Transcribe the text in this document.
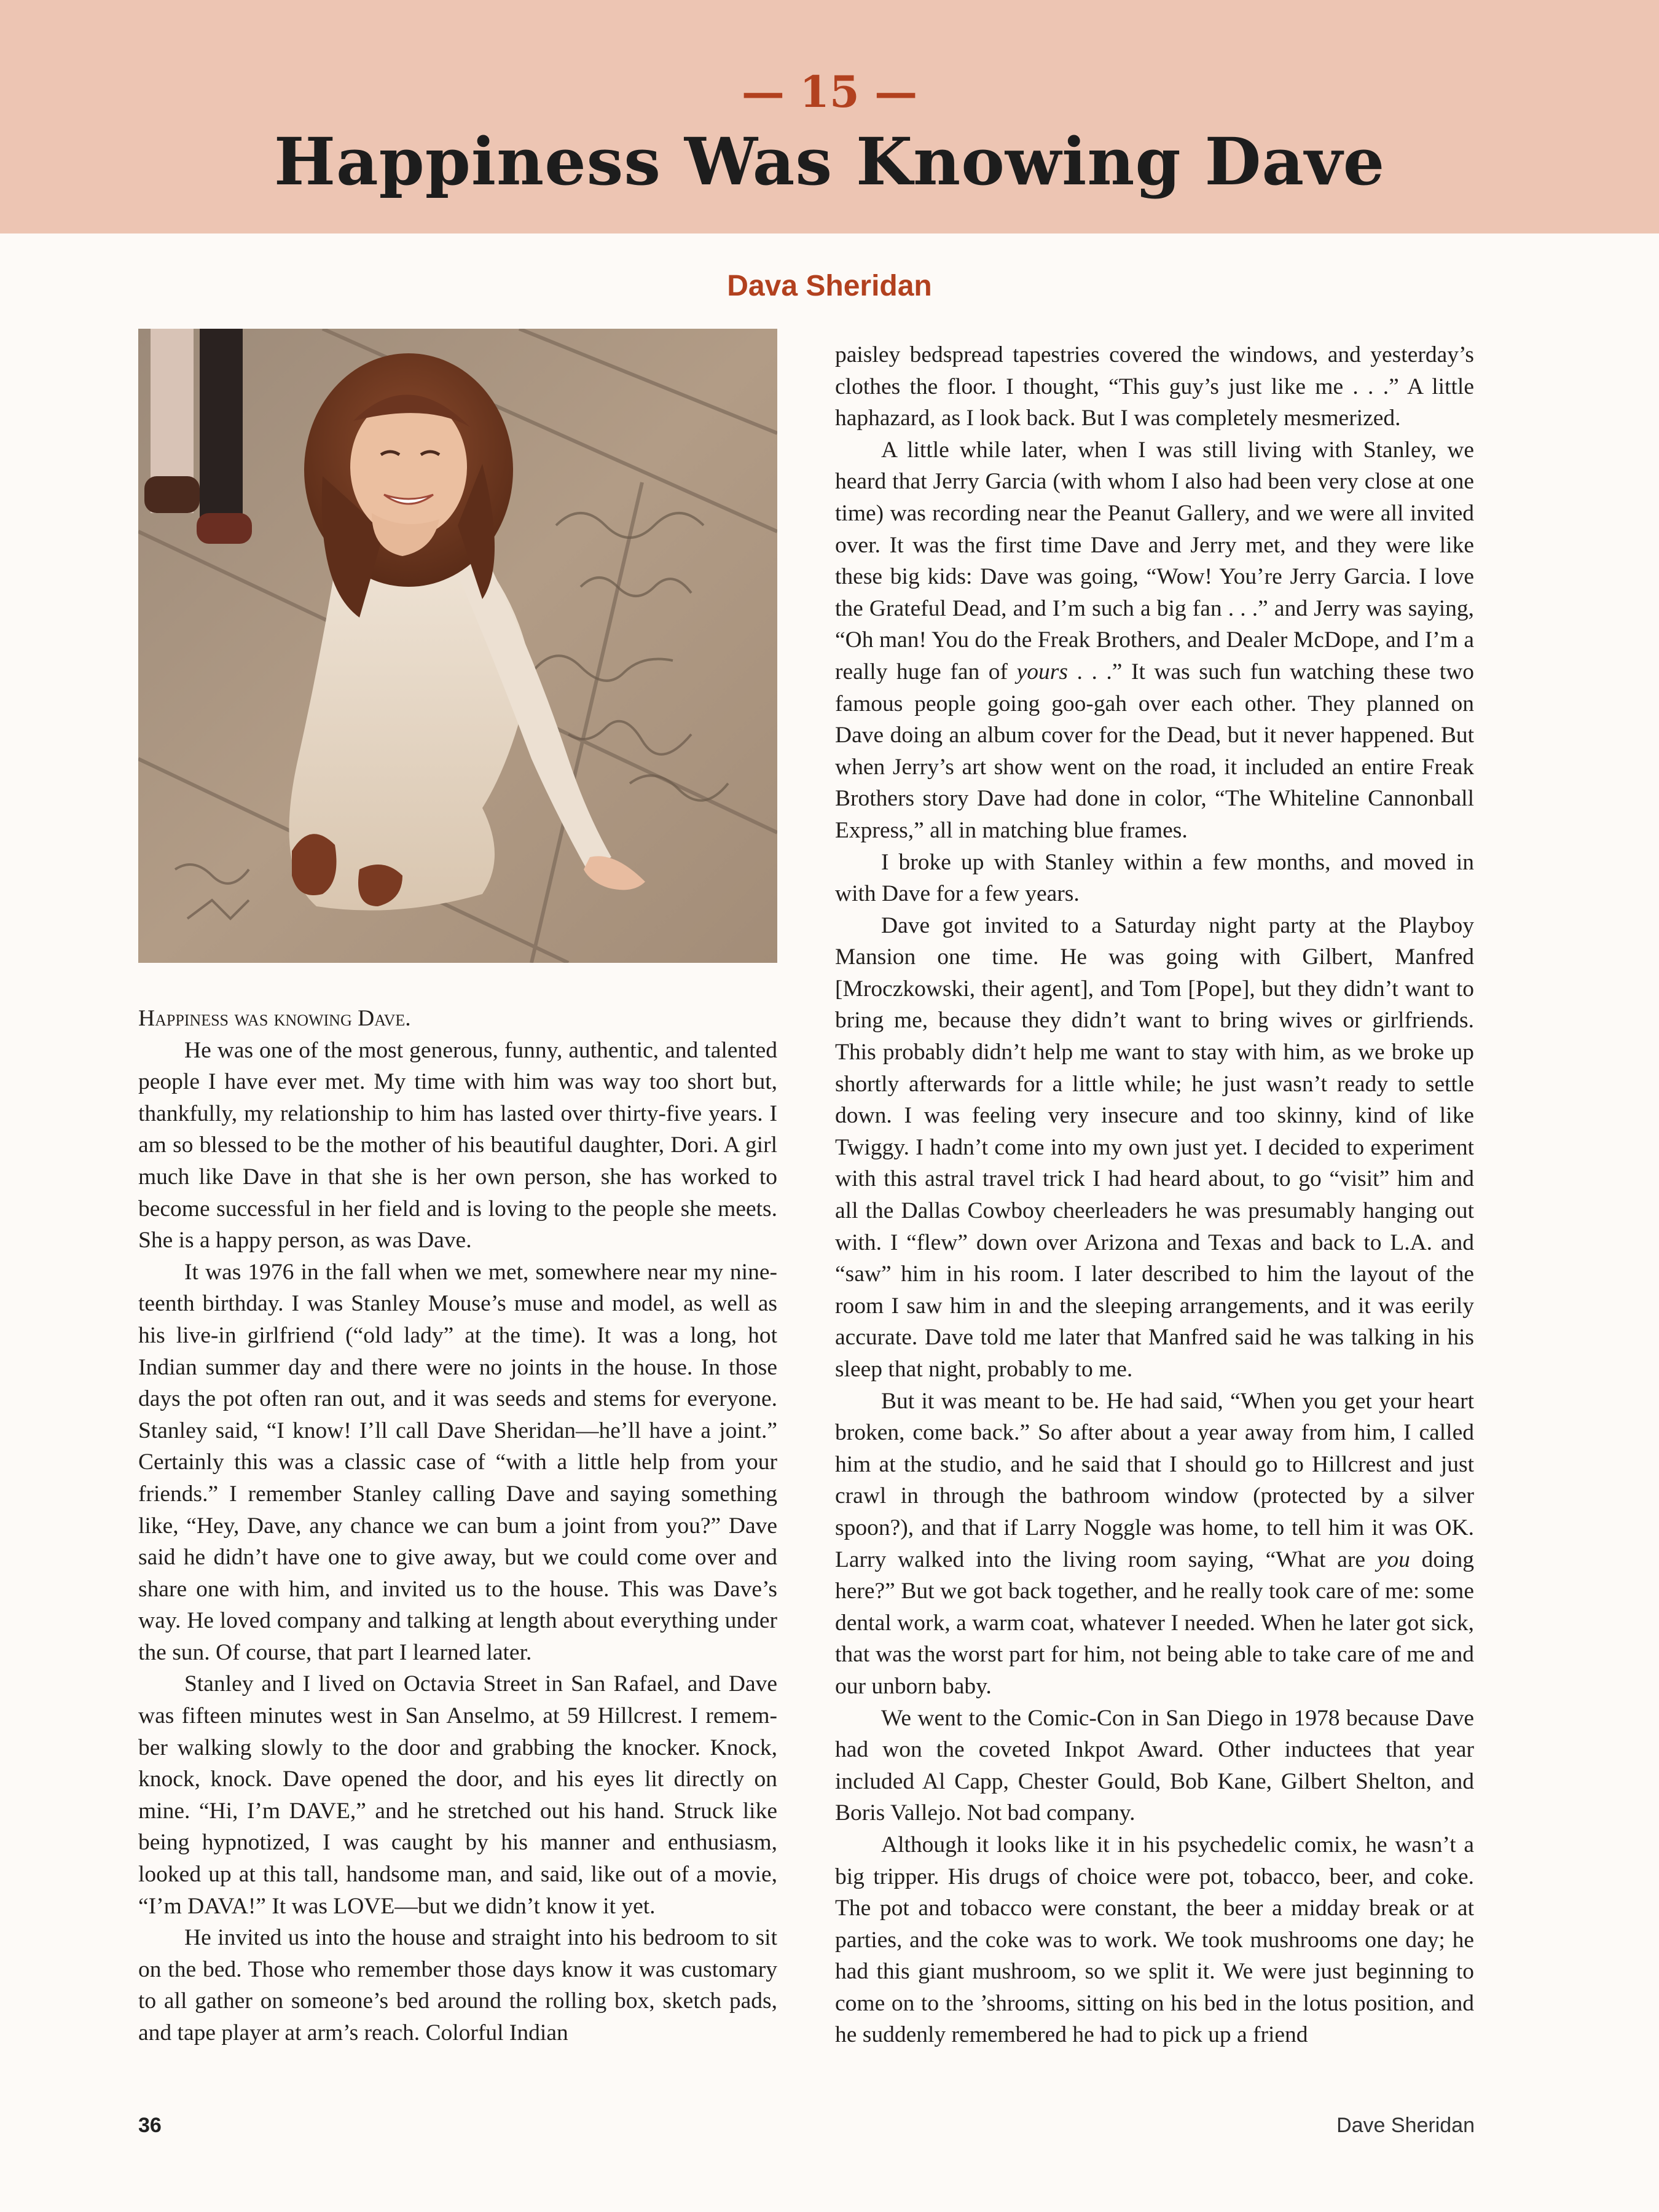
— 15 —
Happiness Was Knowing Dave
Dava Sheridan

Happiness was knowing Dave.

He was one of the most generous, funny, authentic, and talented people I have ever met. My time with him was way too short but, thankfully, my relationship to him has lasted over thirty-five years. I am so blessed to be the mother of his beautiful daughter, Dori. A girl much like Dave in that she is her own person, she has worked to become successful in her field and is loving to the people she meets. She is a happy person, as was Dave.

It was 1976 in the fall when we met, somewhere near my nineteenth birthday. I was Stanley Mouse’s muse and model, as well as his live-in girlfriend (“old lady” at the time). It was a long, hot Indian summer day and there were no joints in the house. In those days the pot often ran out, and it was seeds and stems for everyone. Stanley said, “I know! I’ll call Dave Sheridan—he’ll have a joint.” Certainly this was a classic case of “with a little help from your friends.” I remember Stanley calling Dave and saying something like, “Hey, Dave, any chance we can bum a joint from you?” Dave said he didn’t have one to give away, but we could come over and share one with him, and invited us to the house. This was Dave’s way. He loved company and talking at length about everything under the sun. Of course, that part I learned later.

Stanley and I lived on Octavia Street in San Rafael, and Dave was fifteen minutes west in San Anselmo, at 59 Hillcrest. I remember walking slowly to the door and grabbing the knocker. Knock, knock, knock. Dave opened the door, and his eyes lit directly on mine. “Hi, I’m DAVE,” and he stretched out his hand. Struck like being hypnotized, I was caught by his manner and enthusiasm, looked up at this tall, handsome man, and said, like out of a movie, “I’m DAVA!” It was LOVE—but we didn’t know it yet.

He invited us into the house and straight into his bedroom to sit on the bed. Those who remember those days know it was customary to all gather on someone’s bed around the rolling box, sketch pads, and tape player at arm’s reach. Colorful Indian

paisley bedspread tapestries covered the windows, and yesterday’s clothes the floor. I thought, “This guy’s just like me . . .” A little haphazard, as I look back. But I was completely mesmerized.

A little while later, when I was still living with Stanley, we heard that Jerry Garcia (with whom I also had been very close at one time) was recording near the Peanut Gallery, and we were all invited over. It was the first time Dave and Jerry met, and they were like these big kids: Dave was going, “Wow! You’re Jerry Garcia. I love the Grateful Dead, and I’m such a big fan . . .” and Jerry was saying, “Oh man! You do the Freak Brothers, and Dealer McDope, and I’m a really huge fan of yours . . .” It was such fun watching these two famous people going goo-gah over each other. They planned on Dave doing an album cover for the Dead, but it never happened. But when Jerry’s art show went on the road, it included an entire Freak Brothers story Dave had done in color, “The Whiteline Cannonball Express,” all in matching blue frames.

I broke up with Stanley within a few months, and moved in with Dave for a few years.

Dave got invited to a Saturday night party at the Playboy Mansion one time. He was going with Gilbert, Manfred [Mroczkowski, their agent], and Tom [Pope], but they didn’t want to bring me, because they didn’t want to bring wives or girlfriends. This probably didn’t help me want to stay with him, as we broke up shortly afterwards for a little while; he just wasn’t ready to settle down. I was feeling very insecure and too skinny, kind of like Twiggy. I hadn’t come into my own just yet. I decided to experiment with this astral travel trick I had heard about, to go “visit” him and all the Dallas Cowboy cheerleaders he was presumably hanging out with. I “flew” down over Arizona and Texas and back to L.A. and “saw” him in his room. I later described to him the layout of the room I saw him in and the sleeping arrangements, and it was eerily accurate. Dave told me later that Manfred said he was talking in his sleep that night, probably to me.

But it was meant to be. He had said, “When you get your heart broken, come back.” So after about a year away from him, I called him at the studio, and he said that I should go to Hillcrest and just crawl in through the bathroom window (protected by a silver spoon?), and that if Larry Noggle was home, to tell him it was OK. Larry walked into the living room saying, “What are you doing here?” But we got back together, and he really took care of me: some dental work, a warm coat, whatever I needed. When he later got sick, that was the worst part for him, not being able to take care of me and our unborn baby.

We went to the Comic-Con in San Diego in 1978 because Dave had won the coveted Inkpot Award. Other inductees that year included Al Capp, Chester Gould, Bob Kane, Gilbert Shelton, and Boris Vallejo. Not bad company.

Although it looks like it in his psychedelic comix, he wasn’t a big tripper. His drugs of choice were pot, tobacco, beer, and coke. The pot and tobacco were constant, the beer a midday break or at parties, and the coke was to work. We took mushrooms one day; he had this giant mushroom, so we split it. We were just beginning to come on to the ’shrooms, sitting on his bed in the lotus position, and he suddenly remembered he had to pick up a friend

36	Dave Sheridan
